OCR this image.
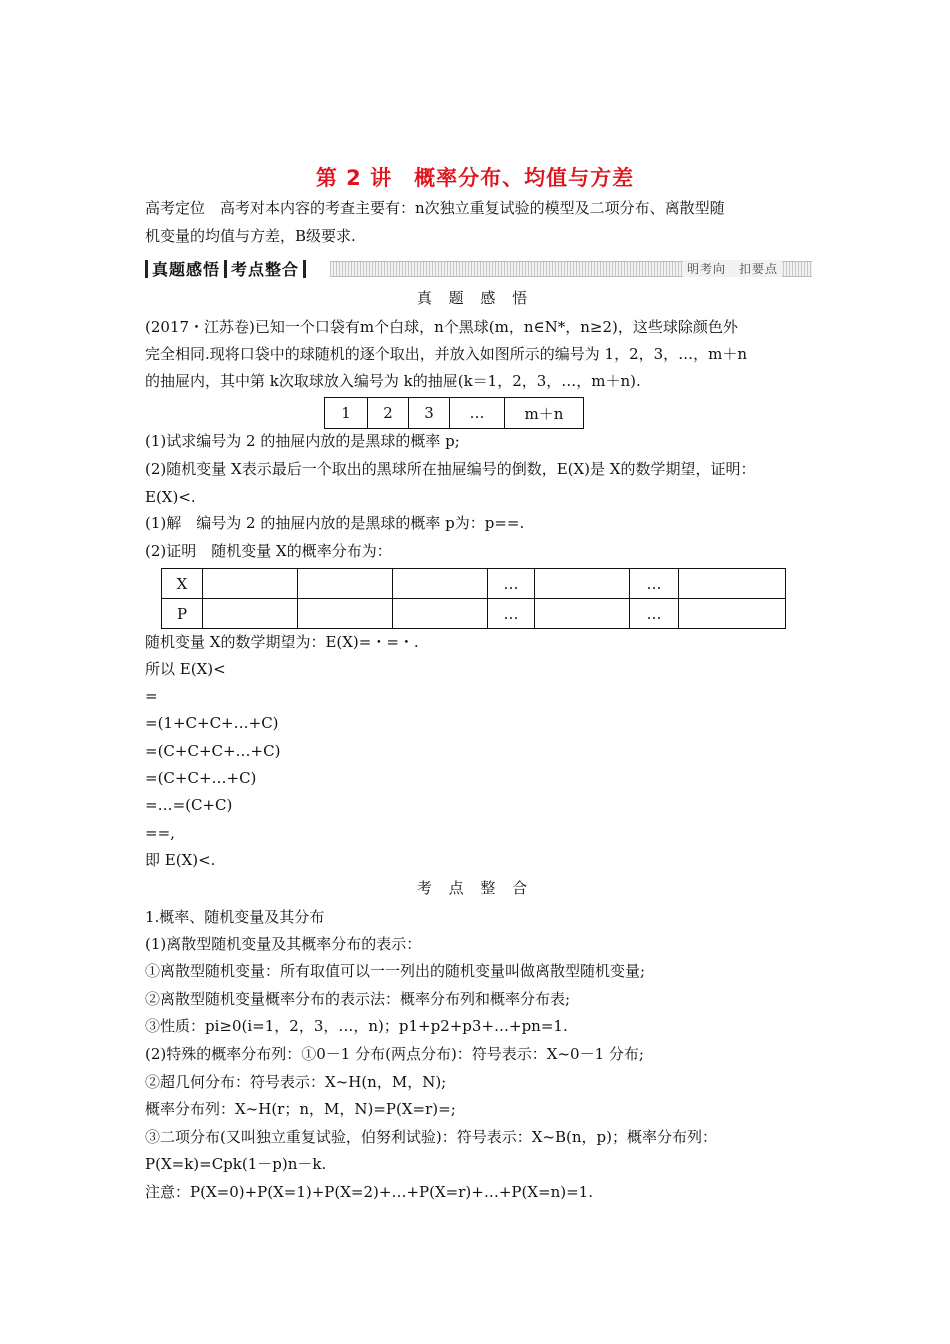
第 2 讲　概率分布、均值与方差
高考定位　高考对本内容的考查主要有：n次独立重复试验的模型及二项分布、离散型随
机变量的均值与方差，B级要求.
真题感悟 考点整合	明考向　扣要点
真 题 感 悟
(2017・江苏卷)已知一个口袋有m个白球，n个黑球(m，n∈N*，n≥2)，这些球除颜色外
完全相同.现将口袋中的球随机的逐个取出，并放入如图所示的编号为 1，2，3，…，m＋n
的抽屉内，其中第 k次取球放入编号为 k的抽屉(k＝1，2，3，…，m＋n).
1	2	3	…	m＋n
(1)试求编号为 2 的抽屉内放的是黑球的概率 p;
(2)随机变量 X表示最后一个取出的黑球所在抽屉编号的倒数，E(X)是 X的数学期望，证明：
E(X)<.
(1)解　编号为 2 的抽屉内放的是黑球的概率 p为：p==.
(2)证明　随机变量 X的概率分布为：
X				…		…	
P				…		…	
随机变量 X的数学期望为：E(X)=・=・.
所以 E(X)<
=
=(1+C+C+…+C)
=(C+C+C+…+C)
=(C+C+…+C)
=…=(C+C)
==,
即 E(X)<.
考 点 整 合
1.概率、随机变量及其分布
(1)离散型随机变量及其概率分布的表示：
①离散型随机变量：所有取值可以一一列出的随机变量叫做离散型随机变量;
②离散型随机变量概率分布的表示法：概率分布列和概率分布表;
③性质：pi≥0(i=1，2，3，…，n)；p1+p2+p3+…+pn=1.
(2)特殊的概率分布列：①0－1 分布(两点分布)：符号表示：X~0－1 分布;
②超几何分布：符号表示：X~H(n，M，N);
概率分布列：X~H(r；n，M，N)=P(X=r)=;
③二项分布(又叫独立重复试验，伯努利试验)：符号表示：X~B(n，p)；概率分布列：
P(X=k)=Cpk(1－p)n－k.
注意：P(X=0)+P(X=1)+P(X=2)+…+P(X=r)+…+P(X=n)=1.
